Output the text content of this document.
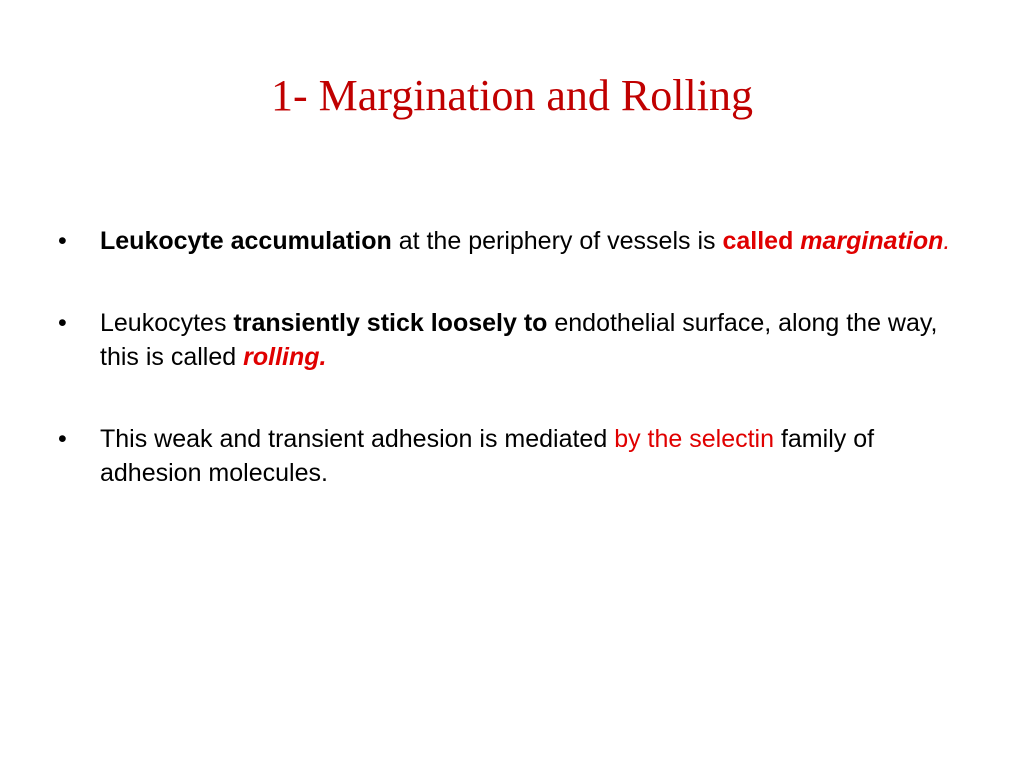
1- Margination and Rolling
•	Leukocyte accumulation at the periphery of vessels is called margination.
•	Leukocytes transiently stick loosely to endothelial surface, along the way, this is called rolling.
•	This weak and transient adhesion is mediated by the selectin family of adhesion molecules.
